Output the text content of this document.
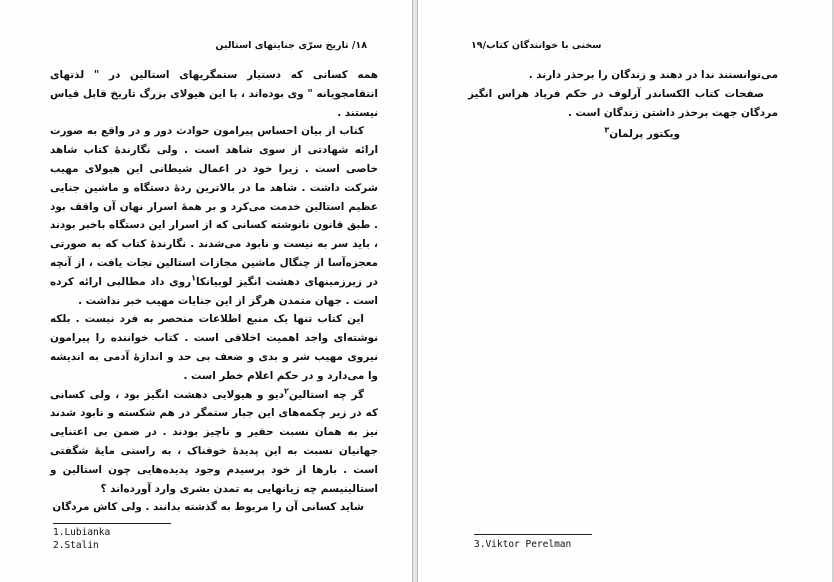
۱۸/ تاریخ سرّی جنایتهای استالین
همه کسانی که دستیار ستمگریهای استالین در " لذتهای انتقامجویانه " وی بوده‌اند ، با این هیولای بزرگ تاریخ قابل قیاس نیستند .
کتاب از بیان احساس پیرامون حوادث دور و در واقع به صورت ارائه شهادتی از سوی شاهد است . ولی نگارندهٔ کتاب شاهد خاصی است . زیرا خود در اعمال شیطانی این هیولای مهیب شرکت داشت . شاهد ما در بالاترین ردهٔ دستگاه و ماشین جنایی عظیم استالین خدمت می‌کرد و بر همهٔ اسرار نهان آن واقف بود . طبق قانون نانوشته کسانی که از اسرار این دستگاه باخبر بودند ، باید سر به نیست و نابود می‌شدند . نگارندهٔ کتاب که به صورتی معجزه‌آسا از چنگال ماشین مجازات استالین نجات یافت ، از آنچه در زیرزمینهای دهشت انگیز لوبیانکا$^۱$روی داد مطالبی ارائه کرده است . جهان متمدن هرگز از این جنایات مهیب خبر نداشت .
این کتاب تنها یک منبع اطلاعات منحصر به فرد نیست . بلکه نوشته‌ای واجد اهمیت اخلاقی است . کتاب خواننده را پیرامون نیروی مهیب شر و بدی و ضعف بی حد و اندازهٔ آدمی به اندیشه وا می‌دارد و در حکم اعلام خطر است .
گر چه استالین$^۲$دیو و هیولایی دهشت انگیز بود ، ولی کسانی که در زیر چکمه‌های این جبار ستمگر در هم شکسته و نابود شدند نیز به همان نسبت حقیر و ناچیز بودند . در ضمن بی اعتنایی جهانیان نسبت به این پدیدهٔ خوفناک ، به راستی مایهٔ شگفتی است . بارها از خود پرسیدم وجود پدیده‌هایی چون استالین و استالینیسم چه زیانهایی به تمدن بشری وارد آورده‌اند ؟
شاید کسانی آن را مربوط به گذشته بدانند . ولی کاش مردگان
1.Lubianka
2.Stalin
سخنی با خوانندگان کتاب/۱۹
می‌توانستند ندا در دهند و زندگان را برحذر دارند .
صفحات کتاب الکساندر آرلوف در حکم فریاد هراس انگیز مردگان جهت برحذر داشتن زندگان است .
ویکتور پرلمان$^۳$
3.Viktor Perelman
